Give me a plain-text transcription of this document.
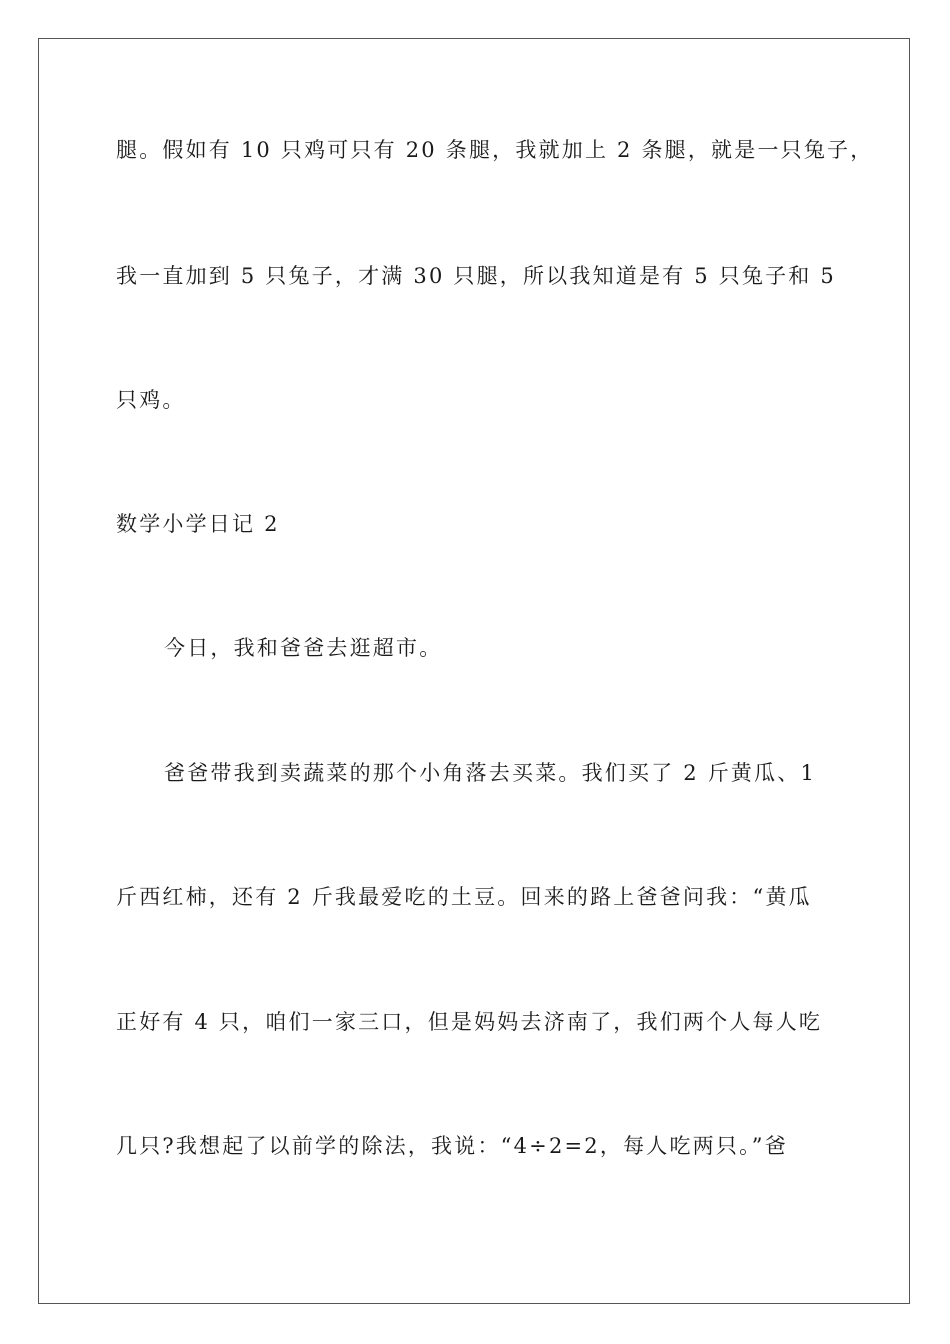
腿。假如有 10 只鸡可只有 20 条腿，我就加上 2 条腿，就是一只兔子，
我一直加到 5 只兔子，才满 30 只腿，所以我知道是有 5 只兔子和 5
只鸡。
数学小学日记 2
今日，我和爸爸去逛超市。
爸爸带我到卖蔬菜的那个小角落去买菜。我们买了 2 斤黄瓜、1
斤西红柿，还有 2 斤我最爱吃的土豆。回来的路上爸爸问我：“黄瓜
正好有 4 只，咱们一家三口，但是妈妈去济南了，我们两个人每人吃
几只?我想起了以前学的除法，我说：“4÷2=2，每人吃两只。”爸
